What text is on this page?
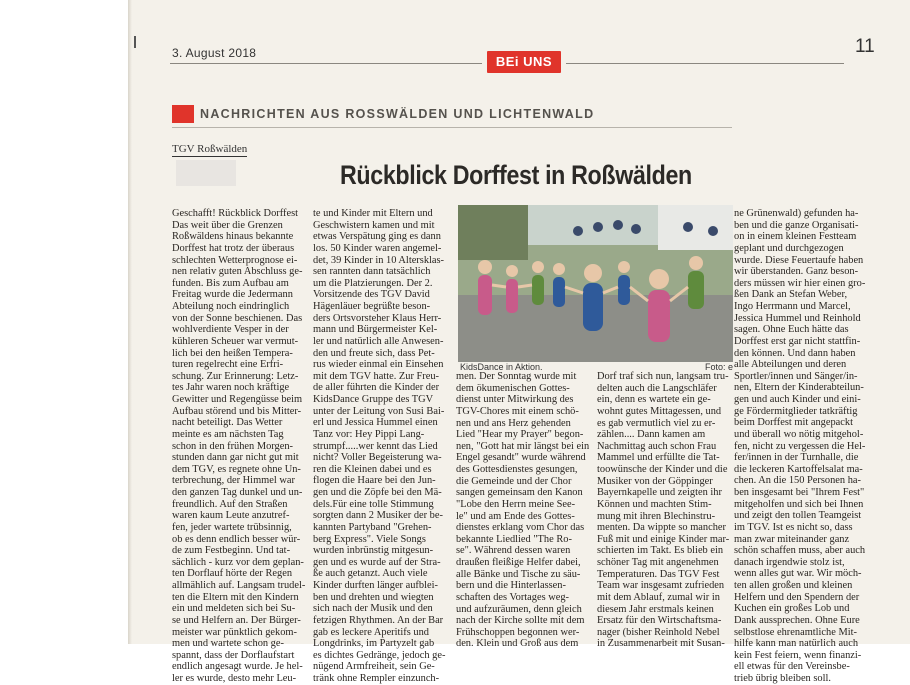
3. August 2018
BEi UNS
11
NACHRICHTEN AUS ROSSWÄLDEN UND LICHTENWALD
TGV Roßwälden
Rückblick Dorffest in Roßwälden

Geschafft! Rückblick Dorffest
Das weit über die Grenzen
Roßwäldens hinaus bekannte
Dorffest hat trotz der überaus
schlechten Wetterprognose ei-
nen relativ guten Abschluss ge-
funden. Bis zum Aufbau am
Freitag wurde die Jedermann
Abteilung noch eindringlich
von der Sonne beschienen. Das
wohlverdiente Vesper in der
kühleren Scheuer war vermut-
lich bei den heißen Tempera-
turen regelrecht eine Erfri-
schung. Zur Erinnerung: Letz-
tes Jahr waren noch kräftige
Gewitter und Regengüsse beim
Aufbau störend und bis Mitter-
nacht beteiligt. Das Wetter
meinte es am nächsten Tag
schon in den frühen Morgen-
stunden dann gar nicht gut mit
dem TGV, es regnete ohne Un-
terbrechung, der Himmel war
den ganzen Tag dunkel und un-
freundlich. Auf den Straßen
waren kaum Leute anzutref-
fen, jeder wartete trübsinnig,
ob es denn endlich besser wür-
de zum Festbeginn. Und tat-
sächlich - kurz vor dem geplan-
ten Dorflauf hörte der Regen
allmählich auf. Langsam trudel-
ten die Eltern mit den Kindern
ein und meldeten sich bei Su-
se und Helfern an. Der Bürger-
meister war pünktlich gekom-
men und wartete schon ge-
spannt, dass der Dorflaufstart
endlich angesagt wurde. Je hel-
ler es wurde, desto mehr Leu-

te und Kinder mit Eltern und
Geschwistern kamen und mit
etwas Verspätung ging es dann
los. 50 Kinder waren angemel-
det, 39 Kinder in 10 Altersklas-
sen rannten dann tatsächlich
um die Platzierungen. Der 2.
Vorsitzende des TGV David
Hägenläuer begrüßte beson-
ders Ortsvorsteher Klaus Herr-
mann und Bürgermeister Kel-
ler und natürlich alle Anwesen-
den und freute sich, dass Pet-
rus wieder einmal ein Einsehen
mit dem TGV hatte. Zur Freu-
de aller führten die Kinder der
KidsDance Gruppe des TGV
unter der Leitung von Susi Bai-
erl und Jessica Hummel einen
Tanz vor: Hey Pippi Lang-
strumpf.....wer kennt das Lied
nicht? Voller Begeisterung wa-
ren die Kleinen dabei und es
flogen die Haare bei den Jun-
gen und die Zöpfe bei den Mä-
dels.Für eine tolle Stimmung
sorgten dann 2 Musiker der be-
kannten Partyband "Grehen-
berg Express". Viele Songs
wurden inbrünstig mitgesun-
gen und es wurde auf der Stra-
ße auch getanzt. Auch viele
Kinder durften länger aufblei-
ben und drehten und wiegten
sich nach der Musik und den
fetzigen Rhythmen. An der Bar
gab es leckere Aperitifs und
Longdrinks, im Partyzelt gab
es dichtes Gedränge, jedoch ge-
nügend Armfreiheit, sein Ge-
tränk ohne Rempler einzunch-

KidsDance in Aktion.	Foto: e

men. Der Sonntag wurde mit
dem ökumenischen Gottes-
dienst unter Mitwirkung des
TGV-Chores mit einem schö-
nen und ans Herz gehenden
Lied "Hear my Prayer" begon-
nen, "Gott hat mir längst bei ein
Engel gesandt" wurde während
des Gottesdienstes gesungen,
die Gemeinde und der Chor
sangen gemeinsam den Kanon
"Lobe den Herrn meine See-
le" und am Ende des Gottes-
dienstes erklang vom Chor das
bekannte Liedlied "The Ro-
se". Während dessen waren
draußen fleißige Helfer dabei,
alle Bänke und Tische zu säu-
bern und die Hinterlassen-
schaften des Vortages weg-
und aufzuräumen, denn gleich
nach der Kirche sollte mit dem
Frühschoppen begonnen wer-
den. Klein und Groß aus dem

Dorf traf sich nun, langsam tru-
delten auch die Langschläfer
ein, denn es wartete ein ge-
wohnt gutes Mittagessen, und
es gab vermutlich viel zu er-
zählen.... Dann kamen am
Nachmittag auch schon Frau
Mammel und erfüllte die Tat-
toowünsche der Kinder und die
Musiker von der Göppinger
Bayernkapelle und zeigten ihr
Können und machten Stim-
mung mit ihren Blechinstru-
menten. Da wippte so mancher
Fuß mit und einige Kinder mar-
schierten im Takt. Es blieb ein
schöner Tag mit angenehmen
Temperaturen. Das TGV Fest
Team war insgesamt zufrieden
mit dem Ablauf, zumal wir in
diesem Jahr erstmals keinen
Ersatz für den Wirtschaftsma-
nager (bisher Reinhold Nebel
in Zusammenarbeit mit Susan-

ne Grünenwald) gefunden ha-
ben und die ganze Organisati-
on in einem kleinen Festteam
geplant und durchgezogen
wurde. Diese Feuertaufe haben
wir überstanden. Ganz beson-
ders müssen wir hier einen gro-
ßen Dank an Stefan Weber,
Ingo Herrmann und Marcel,
Jessica Hummel und Reinhold
sagen. Ohne Euch hätte das
Dorffest erst gar nicht stattfin-
den können. Und dann haben
alle Abteilungen und deren
Sportler/innen und Sänger/in-
nen, Eltern der Kinderabteilun-
gen und auch Kinder und eini-
ge Fördermitglieder tatkräftig
beim Dorffest mit angepackt
und überall wo nötig mitgehol-
fen, nicht zu vergessen die Hel-
fer/innen in der Turnhalle, die
die leckeren Kartoffelsalat ma-
chen. An die 150 Personen ha-
ben insgesamt bei "Ihrem Fest"
mitgeholfen und sich bei Ihnen
und zeigt den tollen Teamgeist
im TGV. Ist es nicht so, dass
man zwar miteinander ganz
schön schaffen muss, aber auch
danach irgendwie stolz ist,
wenn alles gut war. Wir möch-
ten allen großen und kleinen
Helfern und den Spendern der
Kuchen ein großes Lob und
Dank aussprechen. Ohne Eure
selbstlose ehrenamtliche Mit-
hilfe kann man natürlich auch
kein Fest feiern, wenn finanzi-
ell etwas für den Vereinsbe-
trieb übrig bleiben soll.
